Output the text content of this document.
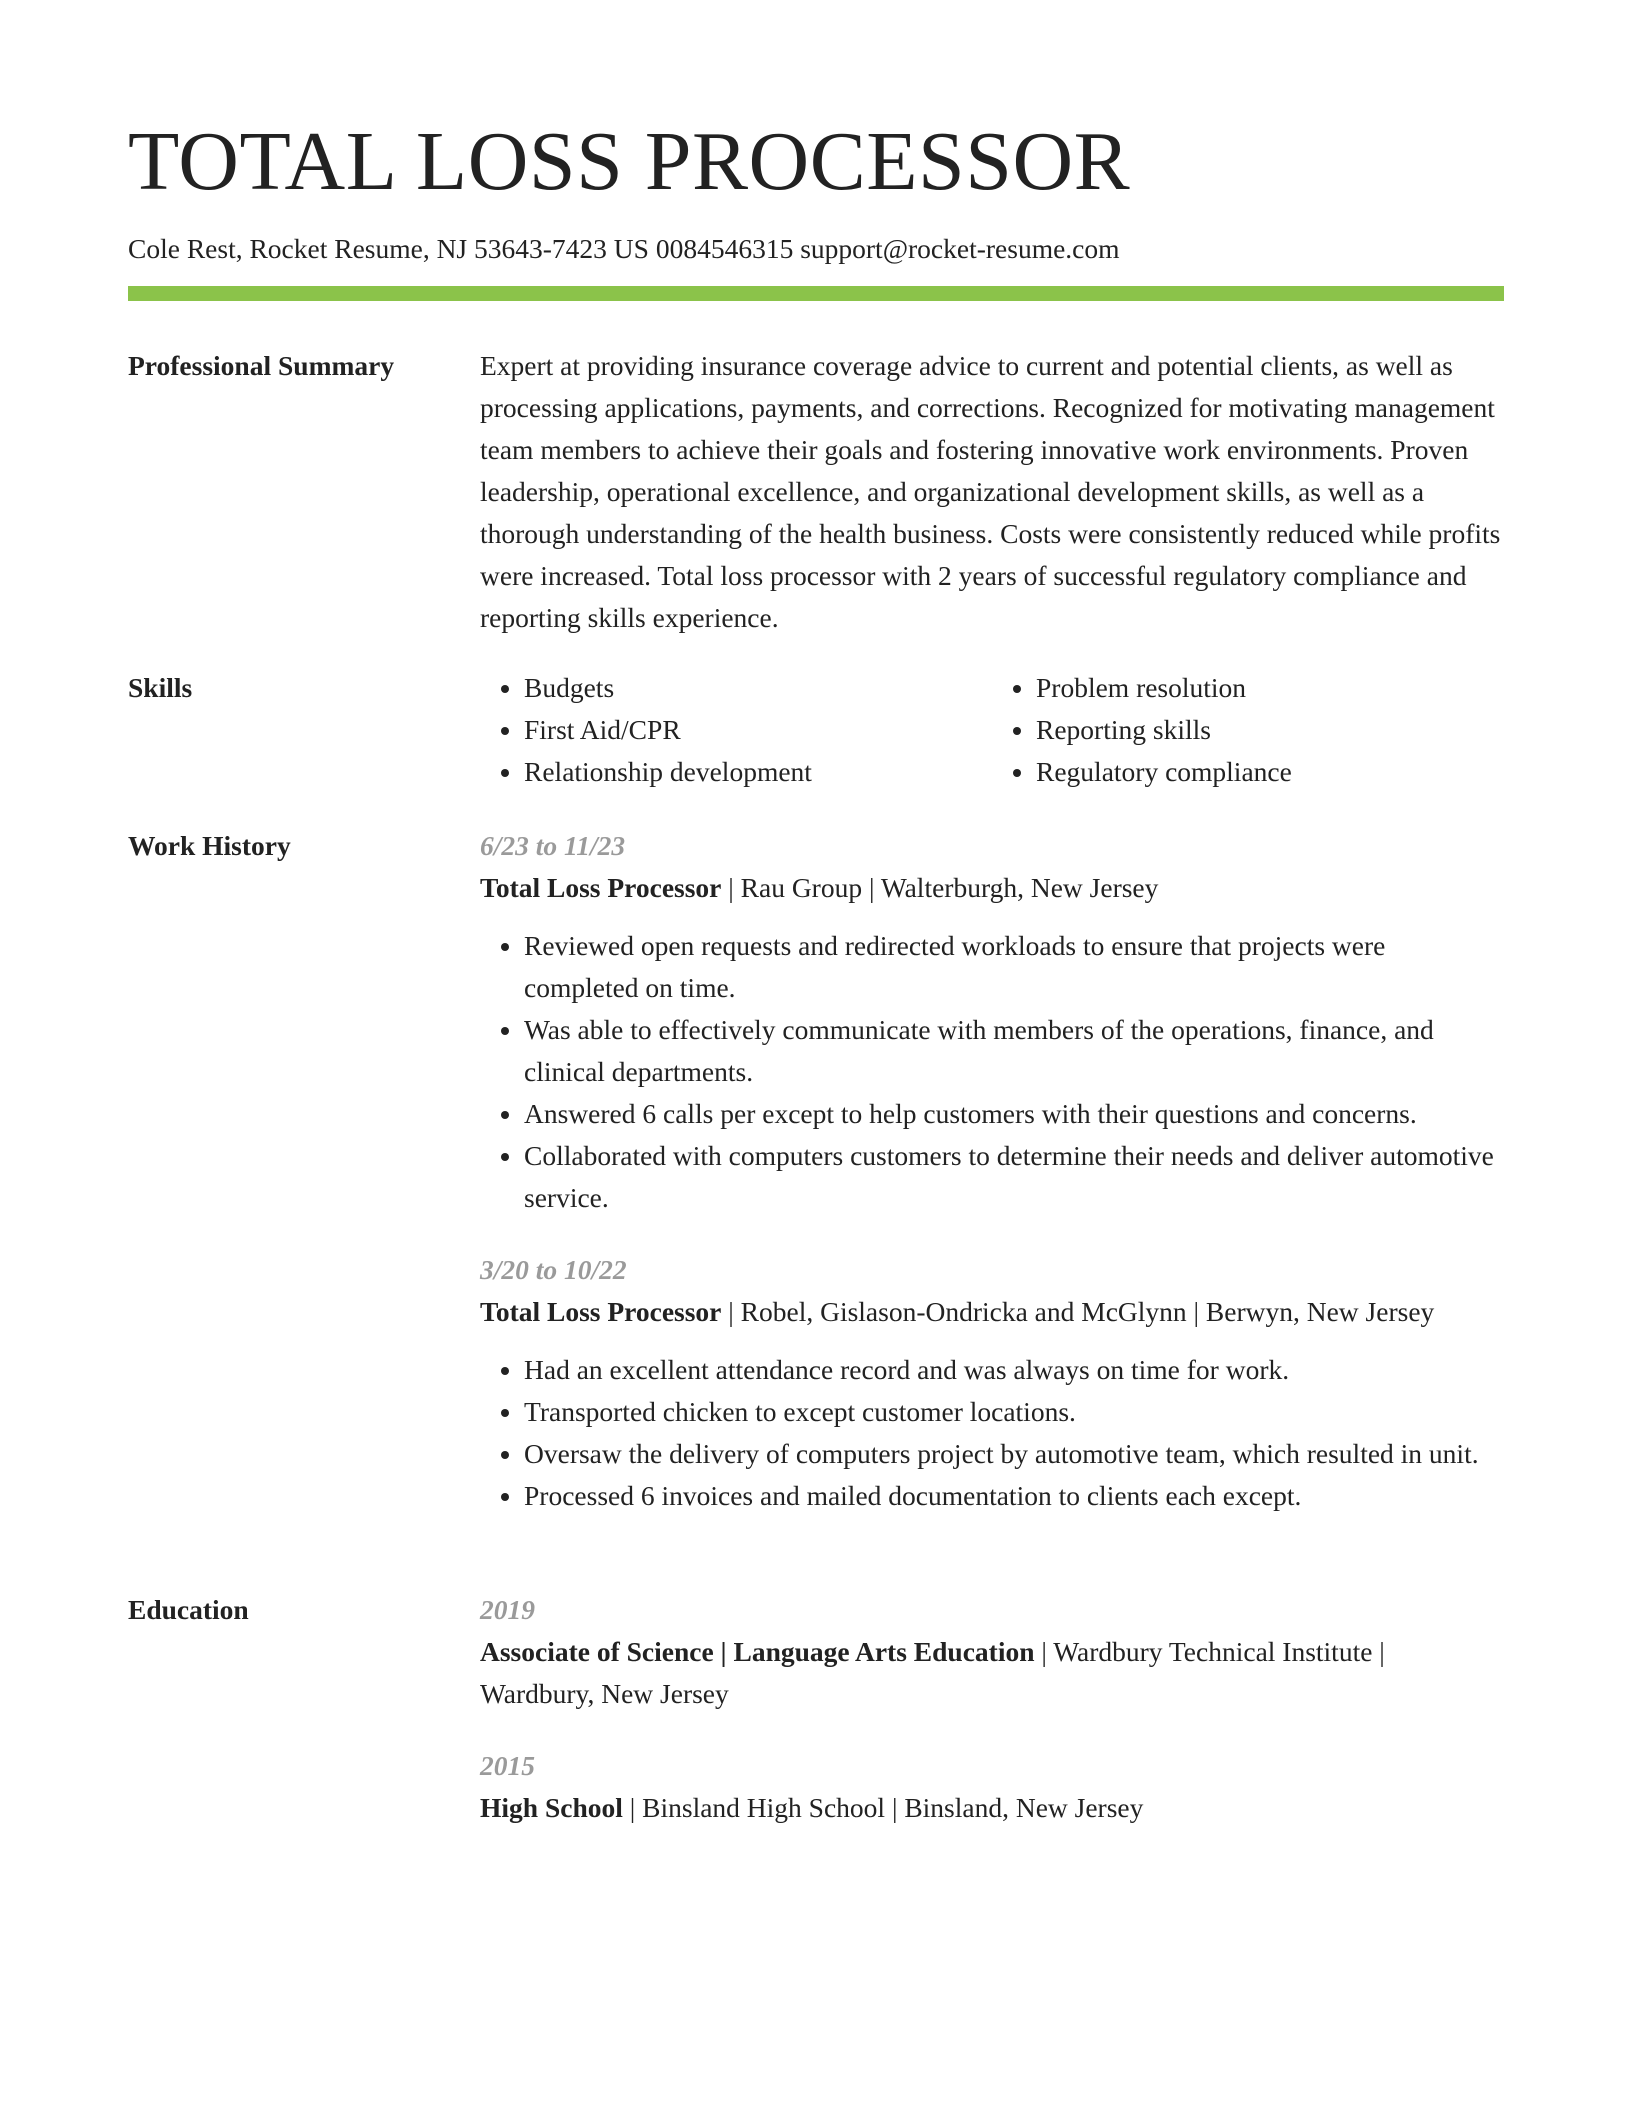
TOTAL LOSS PROCESSOR
Cole Rest, Rocket Resume, NJ 53643-7423 US 0084546315 support@rocket-resume.com
Professional Summary	Expert at providing insurance coverage advice to current and potential clients, as well as processing applications, payments, and corrections. Recognized for motivating management team members to achieve their goals and fostering innovative work environments. Proven leadership, operational excellence, and organizational development skills, as well as a thorough understanding of the health business. Costs were consistently reduced while profits were increased. Total loss processor with 2 years of successful regulatory compliance and reporting skills experience.

Skills
•	Budgets
• First Aid/CPR
• Relationship development
• Problem resolution
• Reporting skills
• Regulatory compliance
Work History	6/23 to 11/23
Total Loss Processor | Rau Group | Walterburgh, New Jersey
• Reviewed open requests and redirected workloads to ensure that projects were completed on time.
• Was able to effectively communicate with members of the operations, finance, and clinical departments.
• Answered 6 calls per except to help customers with their questions and concerns.
• Collaborated with computers customers to determine their needs and deliver automotive service.
3/20 to 10/22
Total Loss Processor | Robel, Gislason-Ondricka and McGlynn | Berwyn, New Jersey
• Had an excellent attendance record and was always on time for work.
• Transported chicken to except customer locations.
• Oversaw the delivery of computers project by automotive team, which resulted in unit.
• Processed 6 invoices and mailed documentation to clients each except.
Education	2019
Associate of Science | Language Arts Education | Wardbury Technical Institute | Wardbury, New Jersey
2015
High School | Binsland High School | Binsland, New Jersey
